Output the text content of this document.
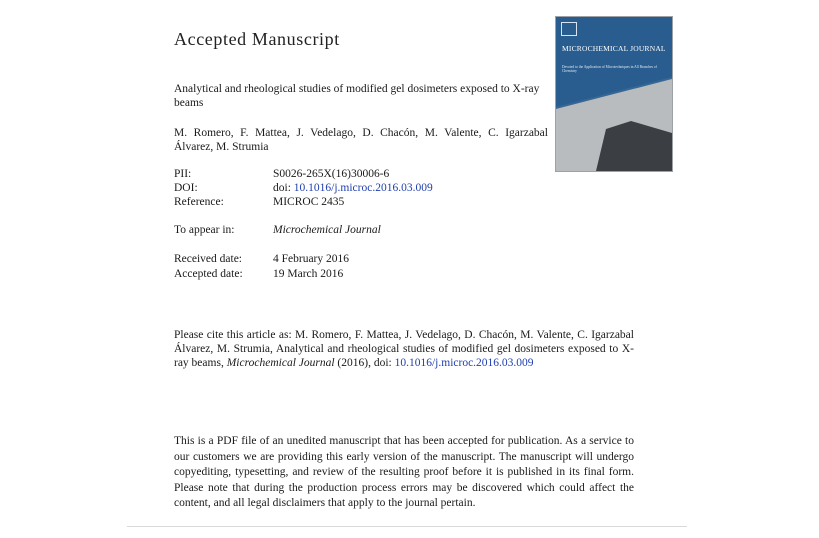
Accepted Manuscript	MICROCHEMICAL JOURNAL
Devoted to the Application of Microtechniques in All Branches of Chemistry
Analytical and rheological studies of modified gel dosimeters exposed to X-ray beams
M. Romero, F. Mattea, J. Vedelago, D. Chacón, M. Valente, C. Igarzabal Álvarez, M. Strumia
PII:	S0026-265X(16)30006-6
DOI:	doi: 10.1016/j.microc.2016.03.009
Reference:	MICROC 2435
To appear in:	Microchemical Journal
Received date:	4 February 2016
Accepted date:	19 March 2016
Please cite this article as: M. Romero, F. Mattea, J. Vedelago, D. Chacón, M. Valente, C. Igarzabal Álvarez, M. Strumia, Analytical and rheological studies of modified gel dosimeters exposed to X-ray beams, Microchemical Journal (2016), doi: 10.1016/j.microc.2016.03.009
This is a PDF file of an unedited manuscript that has been accepted for publication. As a service to our customers we are providing this early version of the manuscript. The manuscript will undergo copyediting, typesetting, and review of the resulting proof before it is published in its final form. Please note that during the production process errors may be discovered which could affect the content, and all legal disclaimers that apply to the journal pertain.
